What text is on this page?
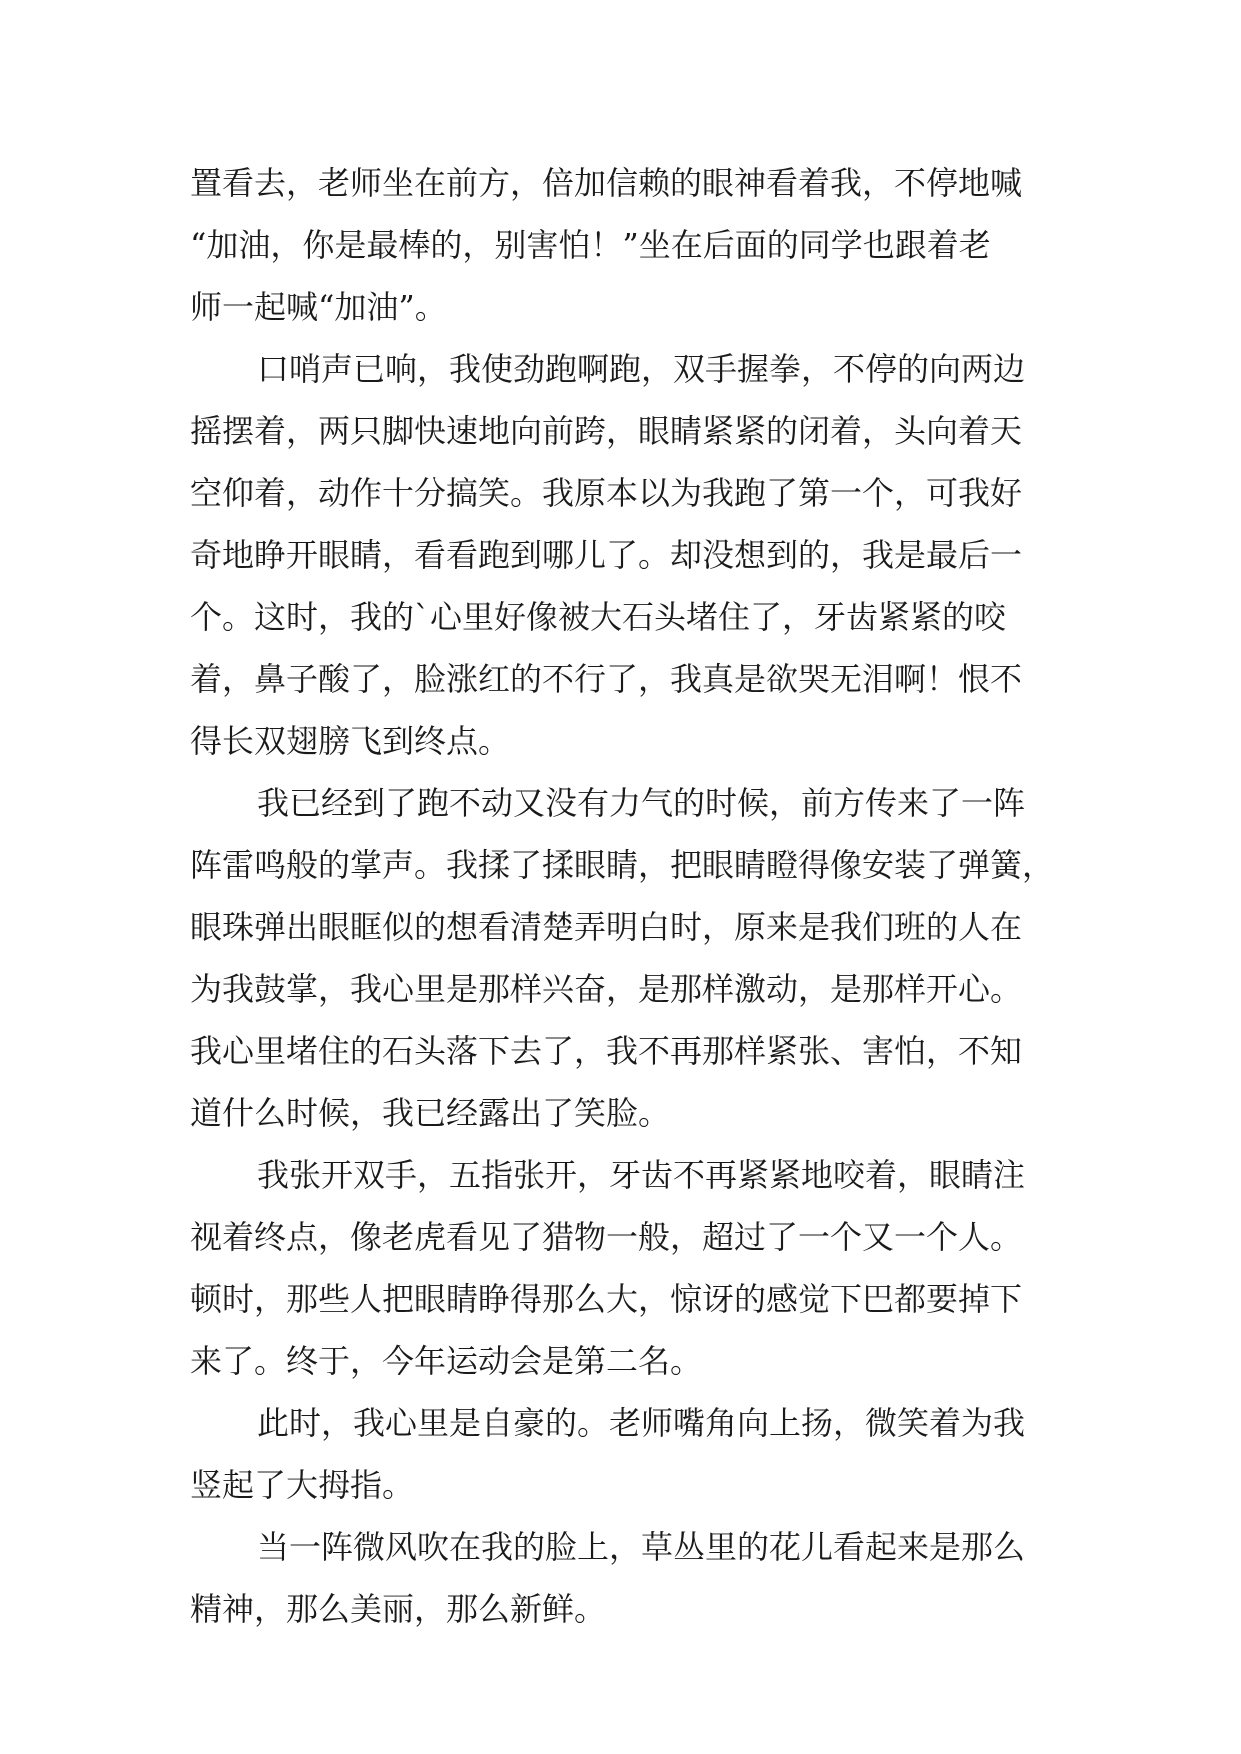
置看去，老师坐在前方，倍加信赖的眼神看着我，不停地喊
“加油，你是最棒的，别害怕！”坐在后面的同学也跟着老
师一起喊“加油”。
口哨声已响，我使劲跑啊跑，双手握拳，不停的向两边
摇摆着，两只脚快速地向前跨，眼睛紧紧的闭着，头向着天
空仰着，动作十分搞笑。我原本以为我跑了第一个，可我好
奇地睁开眼睛，看看跑到哪儿了。却没想到的，我是最后一
个。这时，我的`心里好像被大石头堵住了，牙齿紧紧的咬
着，鼻子酸了，脸涨红的不行了，我真是欲哭无泪啊！恨不
得长双翅膀飞到终点。
我已经到了跑不动又没有力气的时候，前方传来了一阵
阵雷鸣般的掌声。我揉了揉眼睛，把眼睛瞪得像安装了弹簧，
眼珠弹出眼眶似的想看清楚弄明白时，原来是我们班的人在
为我鼓掌，我心里是那样兴奋，是那样激动，是那样开心。
我心里堵住的石头落下去了，我不再那样紧张、害怕，不知
道什么时候，我已经露出了笑脸。
我张开双手，五指张开，牙齿不再紧紧地咬着，眼睛注
视着终点，像老虎看见了猎物一般，超过了一个又一个人。
顿时，那些人把眼睛睁得那么大，惊讶的感觉下巴都要掉下
来了。终于，今年运动会是第二名。
此时，我心里是自豪的。老师嘴角向上扬，微笑着为我
竖起了大拇指。
当一阵微风吹在我的脸上，草丛里的花儿看起来是那么
精神，那么美丽，那么新鲜。
